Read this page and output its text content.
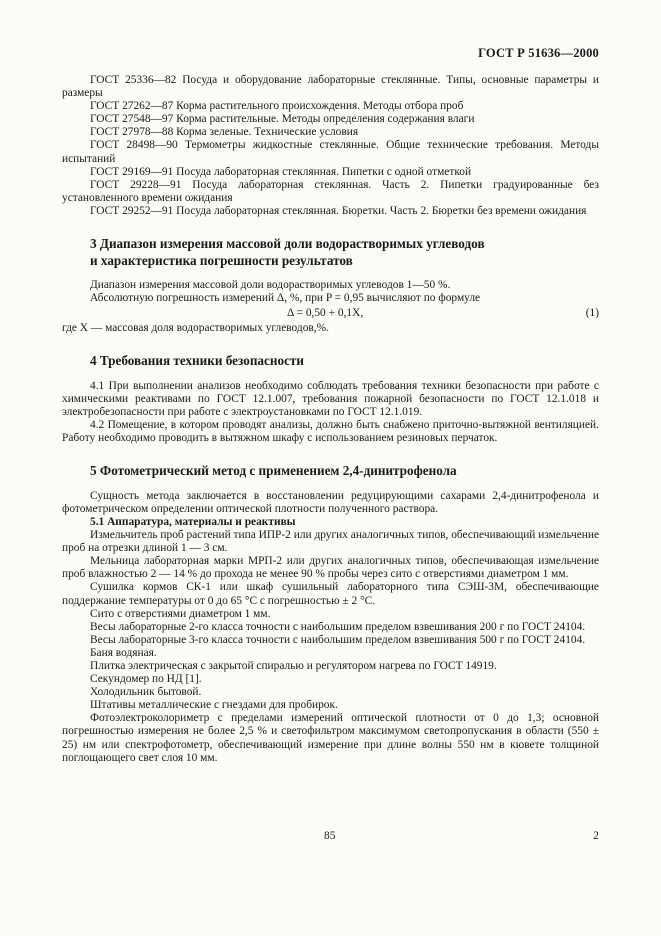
ГОСТ Р 51636—2000

ГОСТ 25336—82 Посуда и оборудование лабораторные стеклянные. Типы, основные параметры и размеры

ГОСТ 27262—87 Корма растительного происхождения. Методы отбора проб

ГОСТ 27548—97 Корма растительные. Методы определения содержания влаги

ГОСТ 27978—88 Корма зеленые. Технические условия

ГОСТ 28498—90 Термометры жидкостные стеклянные. Общие технические требования. Методы испытаний

ГОСТ 29169—91 Посуда лабораторная стеклянная. Пипетки с одной отметкой

ГОСТ 29228—91 Посуда лабораторная стеклянная. Часть 2. Пипетки градуированные без установленного времени ожидания

ГОСТ 29252—91 Посуда лабораторная стеклянная. Бюретки. Часть 2. Бюретки без времени ожидания

3 Диапазон измерения массовой доли водорастворимых углеводов
и характеристика погрешности результатов

Диапазон измерения массовой доли водорастворимых углеводов 1—50 %.

Абсолютную погрешность измерений Δ, %, при P = 0,95 вычисляют по формуле

Δ = 0,50 + 0,1X,	(1)

где X — массовая доля водорастворимых углеводов,%.

4 Требования техники безопасности

4.1 При выполнении анализов необходимо соблюдать требования техники безопасности при работе с химическими реактивами по ГОСТ 12.1.007, требования пожарной безопасности по ГОСТ 12.1.018 и электробезопасности при работе с электроустановками по ГОСТ 12.1.019.

4.2 Помещение, в котором проводят анализы, должно быть снабжено приточно-вытяжной вентиляцией. Работу необходимо проводить в вытяжном шкафу с использованием резиновых перчаток.

5 Фотометрический метод с применением 2,4-динитрофенола

Сущность метода заключается в восстановлении редуцирующими сахарами 2,4-динитрофенола и фотометрическом определении оптической плотности полученного раствора.

5.1 Аппаратура, материалы и реактивы

Измельчитель проб растений типа ИПР-2 или других аналогичных типов, обеспечивающий измельчение проб на отрезки длиной 1 — 3 см.

Мельница лабораторная марки МРП-2 или других аналогичных типов, обеспечивающая измельчение проб влажностью 2 — 14 % до прохода не менее 90 % пробы через сито с отверстиями диаметром 1 мм.

Сушилка кормов СК-1 или шкаф сушильный лабораторного типа СЭШ-3М, обеспечивающие поддержание температуры от 0 до 65 °С с погрешностью ± 2 °С.

Сито с отверстиями диаметром 1 мм.

Весы лабораторные 2-го класса точности с наибольшим пределом взвешивания 200 г по ГОСТ 24104.

Весы лабораторные 3-го класса точности с наибольшим пределом взвешивания 500 г по ГОСТ 24104.

Баня водяная.

Плитка электрическая с закрытой спиралью и регулятором нагрева по ГОСТ 14919.

Секундомер по НД [1].

Холодильник бытовой.

Штативы металлические с гнездами для пробирок.

Фотоэлектроколориметр с пределами измерений оптической плотности от 0 до 1,3; основной погрешностью измерения не более 2,5 % и светофильтром максимумом светопропускания в области (550 ± 25) нм или спектрофотометр, обеспечивающий измерение при длине волны 550 нм в кювете толщиной поглощающего свет слоя 10 мм.

85	2
